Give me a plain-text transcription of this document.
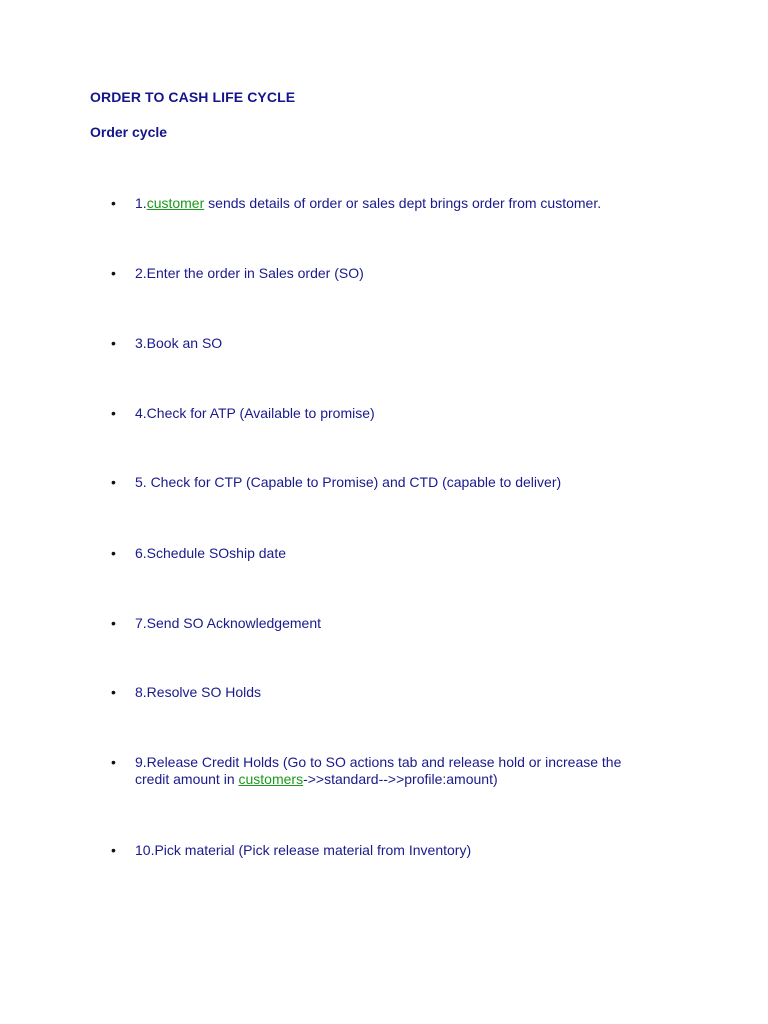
ORDER TO CASH LIFE CYCLE
Order cycle
• 1.customer sends details of order or sales dept brings order from customer.
• 2.Enter the order in Sales order (SO)
• 3.Book an SO
• 4.Check for ATP (Available to promise)
• 5. Check for CTP (Capable to Promise) and CTD (capable to deliver)
• 6.Schedule SOship date
• 7.Send SO Acknowledgement
• 8.Resolve SO Holds
• 9.Release Credit Holds (Go to SO actions tab and release hold or increase the
credit amount in customers->>standard-->>profile:amount)
• 10.Pick material (Pick release material from Inventory)
